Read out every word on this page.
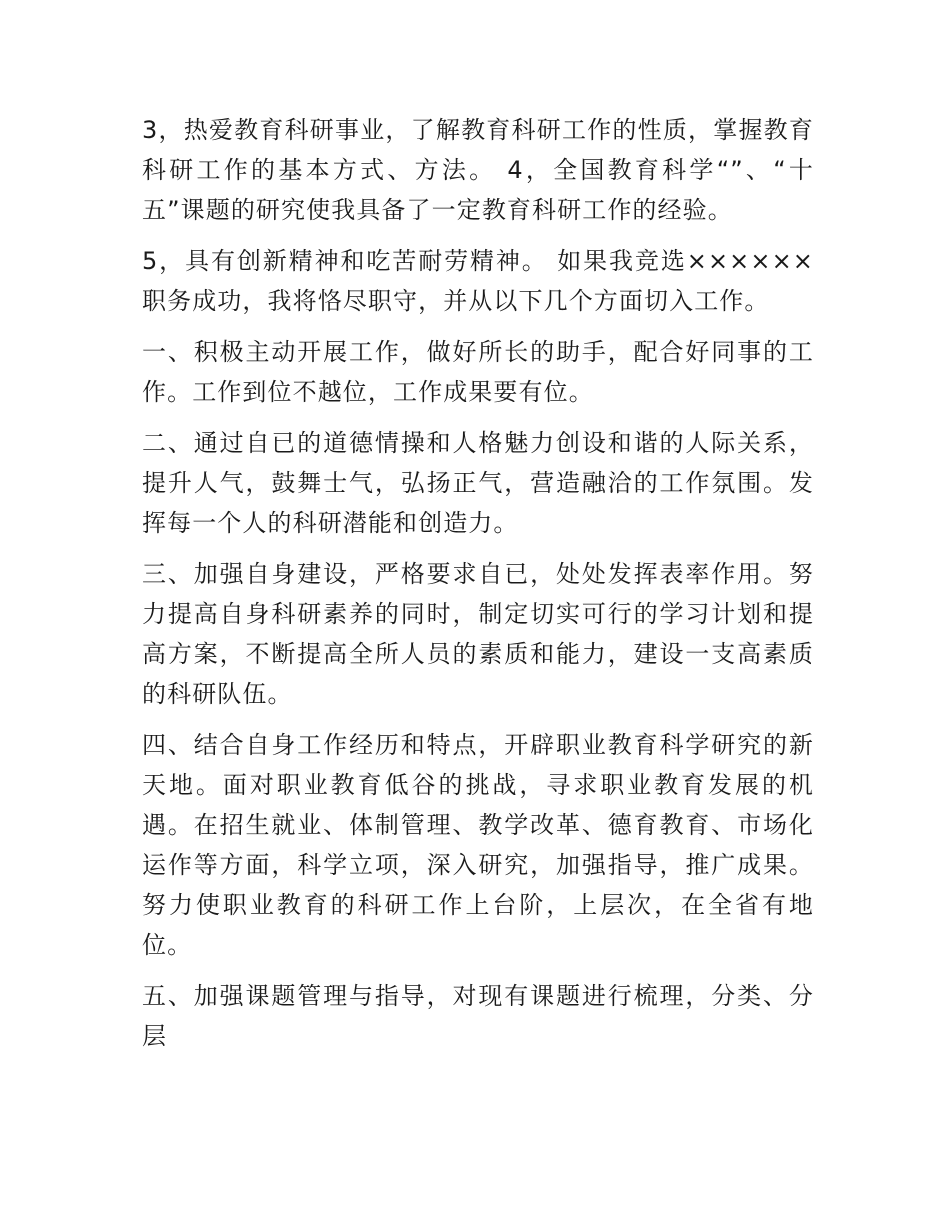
3，热爱教育科研事业，了解教育科研工作的性质，掌握教育科研工作的基本方式、方法。 4，全国教育科学“”、“十五”课题的研究使我具备了一定教育科研工作的经验。

5，具有创新精神和吃苦耐劳精神。 如果我竞选××××××职务成功，我将恪尽职守，并从以下几个方面切入工作。

一、积极主动开展工作，做好所长的助手，配合好同事的工作。工作到位不越位，工作成果要有位。

二、通过自已的道德情操和人格魅力创设和谐的人际关系，提升人气，鼓舞士气，弘扬正气，营造融洽的工作氛围。发挥每一个人的科研潜能和创造力。

三、加强自身建设，严格要求自已，处处发挥表率作用。努力提高自身科研素养的同时，制定切实可行的学习计划和提高方案，不断提高全所人员的素质和能力，建设一支高素质的科研队伍。

四、结合自身工作经历和特点，开辟职业教育科学研究的新天地。面对职业教育低谷的挑战，寻求职业教育发展的机遇。在招生就业、体制管理、教学改革、德育教育、市场化运作等方面，科学立项，深入研究，加强指导，推广成果。努力使职业教育的科研工作上台阶，上层次，在全省有地位。

五、加强课题管理与指导，对现有课题进行梳理，分类、分层
